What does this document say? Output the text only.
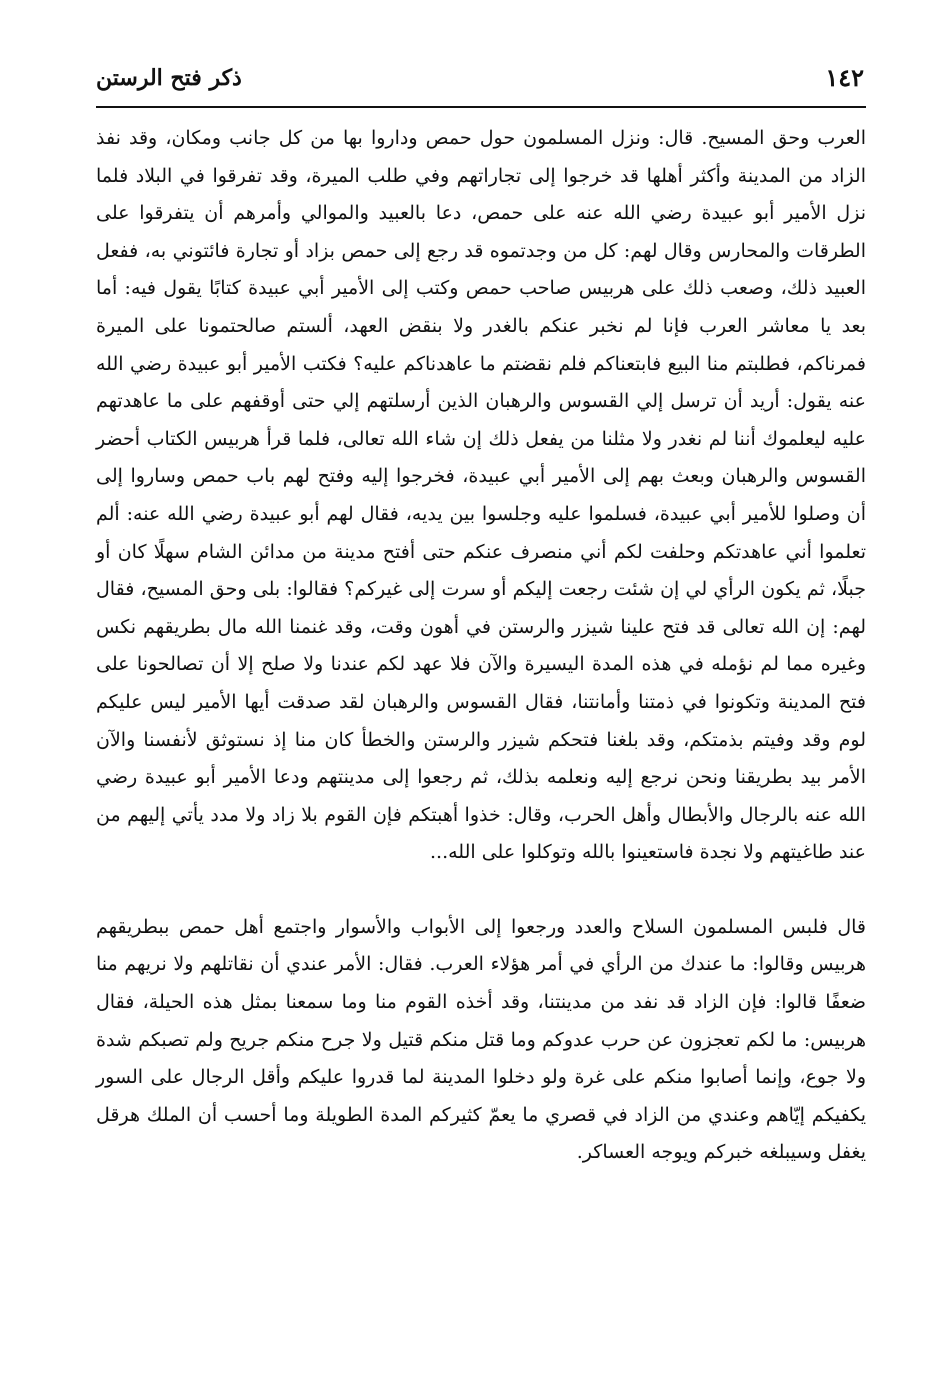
١٤٢
ذكر فتح الرستن

العرب وحق المسيح. قال: ونزل المسلمون حول حمص وداروا بها من كل جانب ومكان، وقد نفذ الزاد من المدينة وأكثر أهلها قد خرجوا إلى تجاراتهم وفي طلب الميرة، وقد تفرقوا في البلاد فلما نزل الأمير أبو عبيدة رضي الله عنه على حمص، دعا بالعبيد والموالي وأمرهم أن يتفرقوا على الطرقات والمحارس وقال لهم: كل من وجدتموه قد رجع إلى حمص بزاد أو تجارة فائتوني به، ففعل العبيد ذلك، وصعب ذلك على هربيس صاحب حمص وكتب إلى الأمير أبي عبيدة كتابًا يقول فيه: أما بعد يا معاشر العرب فإنا لم نخبر عنكم بالغدر ولا بنقض العهد، ألستم صالحتمونا على الميرة فمرناكم، فطلبتم منا البيع فابتعناكم فلم نقضتم ما عاهدناكم عليه؟ فكتب الأمير أبو عبيدة رضي الله عنه يقول: أريد أن ترسل إلي القسوس والرهبان الذين أرسلتهم إلي حتى أوقفهم على ما عاهدتهم عليه ليعلموك أننا لم نغدر ولا مثلنا من يفعل ذلك إن شاء الله تعالى، فلما قرأ هربيس الكتاب أحضر القسوس والرهبان وبعث بهم إلى الأمير أبي عبيدة، فخرجوا إليه وفتح لهم باب حمص وساروا إلى أن وصلوا للأمير أبي عبيدة، فسلموا عليه وجلسوا بين يديه، فقال لهم أبو عبيدة رضي الله عنه: ألم تعلموا أني عاهدتكم وحلفت لكم أني منصرف عنكم حتى أفتح مدينة من مدائن الشام سهلًا كان أو جبلًا، ثم يكون الرأي لي إن شئت رجعت إليكم أو سرت إلى غيركم؟ فقالوا: بلى وحق المسيح، فقال لهم: إن الله تعالى قد فتح علينا شيزر والرستن في أهون وقت، وقد غنمنا الله مال بطريقهم نكس وغيره مما لم نؤمله في هذه المدة اليسيرة والآن فلا عهد لكم عندنا ولا صلح إلا أن تصالحونا على فتح المدينة وتكونوا في ذمتنا وأمانتنا، فقال القسوس والرهبان لقد صدقت أيها الأمير ليس عليكم لوم وقد وفيتم بذمتكم، وقد بلغنا فتحكم شيزر والرستن والخطأ كان منا إذ نستوثق لأنفسنا والآن الأمر بيد بطريقنا ونحن نرجع إليه ونعلمه بذلك، ثم رجعوا إلى مدينتهم ودعا الأمير أبو عبيدة رضي الله عنه بالرجال والأبطال وأهل الحرب، وقال: خذوا أهبتكم فإن القوم بلا زاد ولا مدد يأتي إليهم من عند طاغيتهم ولا نجدة فاستعينوا بالله وتوكلوا على الله...

قال فلبس المسلمون السلاح والعدد ورجعوا إلى الأبواب والأسوار واجتمع أهل حمص ببطريقهم هربيس وقالوا: ما عندك من الرأي في أمر هؤلاء العرب. فقال: الأمر عندي أن نقاتلهم ولا نريهم منا ضعفًا قالوا: فإن الزاد قد نفد من مدينتنا، وقد أخذه القوم منا وما سمعنا بمثل هذه الحيلة، فقال هربيس: ما لكم تعجزون عن حرب عدوكم وما قتل منكم قتيل ولا جرح منكم جريح ولم تصبكم شدة ولا جوع، وإنما أصابوا منكم على غرة ولو دخلوا المدينة لما قدروا عليكم وأقل الرجال على السور يكفيكم إيّاهم وعندي من الزاد في قصري ما يعمّ كثيركم المدة الطويلة وما أحسب أن الملك هرقل يغفل وسيبلغه خبركم ويوجه العساكر.
